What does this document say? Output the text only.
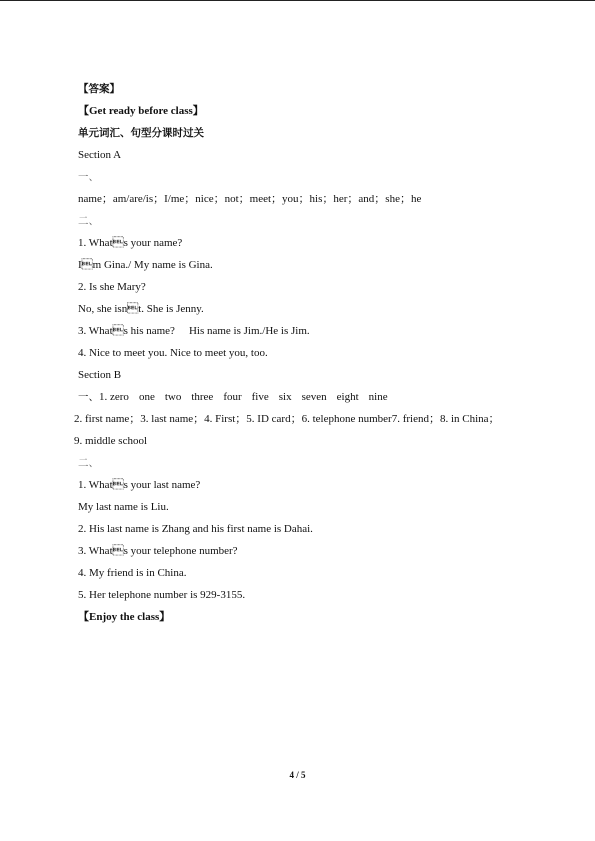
【答案】
【Get ready before class】
单元词汇、句型分课时过关
Section A
一、
name；am/are/is；I/me；nice；not；meet；you；his；her；and；she；he
二、
1. Whats your name?
Im Gina./ My name is Gina.
2. Is she Mary?
No, she isnt. She is Jenny.
3. Whats his name? His name is Jim./He is Jim.
4. Nice to meet you. Nice to meet you, too.
Section B
一、1. zero one two three four five six seven eight nine
2. first name；3. last name；4. First；5. ID card；6. telephone number7. friend；8. in China；
9. middle school
二、
1. Whats your last name?
My last name is Liu.
2. His last name is Zhang and his first name is Dahai.
3. Whats your telephone number?
4. My friend is in China.
5. Her telephone number is 929-3155.
【Enjoy the class】
4 / 5
